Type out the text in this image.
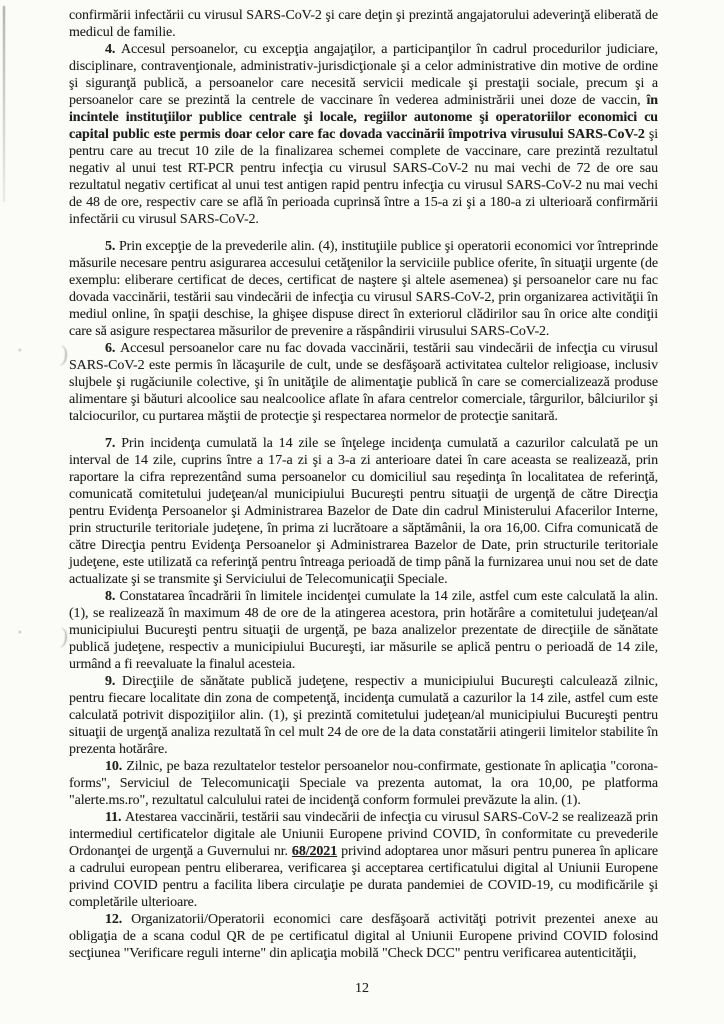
confirmării infectării cu virusul SARS-CoV-2 şi care deţin şi prezintă angajatorului adeverinţă eliberată de medicul de familie.

4. Accesul persoanelor, cu excepţia angajaţilor, a participanţilor în cadrul procedurilor judiciare, disciplinare, contravenţionale, administrativ-jurisdicţionale şi a celor administrative din motive de ordine şi siguranţă publică, a persoanelor care necesită servicii medicale şi prestaţii sociale, precum şi a persoanelor care se prezintă la centrele de vaccinare în vederea administrării unei doze de vaccin, în incintele instituţiilor publice centrale şi locale, regiilor autonome şi operatoriilor economici cu capital public este permis doar celor care fac dovada vaccinării împotriva virusului SARS-CoV-2 şi pentru care au trecut 10 zile de la finalizarea schemei complete de vaccinare, care prezintă rezultatul negativ al unui test RT-PCR pentru infecţia cu virusul SARS-CoV-2 nu mai vechi de 72 de ore sau rezultatul negativ certificat al unui test antigen rapid pentru infecţia cu virusul SARS-CoV-2 nu mai vechi de 48 de ore, respectiv care se află în perioada cuprinsă între a 15-a zi şi a 180-a zi ulterioară confirmării infectării cu virusul SARS-CoV-2.

5. Prin excepţie de la prevederile alin. (4), instituţiile publice şi operatorii economici vor întreprinde măsurile necesare pentru asigurarea accesului cetăţenilor la serviciile publice oferite, în situaţii urgente (de exemplu: eliberare certificat de deces, certificat de naştere şi altele asemenea) şi persoanelor care nu fac dovada vaccinării, testării sau vindecării de infecţia cu virusul SARS-CoV-2, prin organizarea activităţii în mediul online, în spaţii deschise, la ghişee dispuse direct în exteriorul clădirilor sau în orice alte condiţii care să asigure respectarea măsurilor de prevenire a răspândirii virusului SARS-CoV-2.

6. Accesul persoanelor care nu fac dovada vaccinării, testării sau vindecării de infecţia cu virusul SARS-CoV-2 este permis în lăcaşurile de cult, unde se desfăşoară activitatea cultelor religioase, inclusiv slujbele şi rugăciunile colective, şi în unităţile de alimentaţie publică în care se comercializează produse alimentare şi băuturi alcoolice sau nealcoolice aflate în afara centrelor comerciale, târgurilor, bâlciurilor şi talciocurilor, cu purtarea măştii de protecţie şi respectarea normelor de protecţie sanitară.

7. Prin incidenţa cumulată la 14 zile se înţelege incidenţa cumulată a cazurilor calculată pe un interval de 14 zile, cuprins între a 17-a zi şi a 3-a zi anterioare datei în care aceasta se realizează, prin raportare la cifra reprezentând suma persoanelor cu domiciliul sau reşedinţa în localitatea de referinţă, comunicată comitetului judeţean/al municipiului Bucureşti pentru situaţii de urgenţă de către Direcţia pentru Evidenţa Persoanelor şi Administrarea Bazelor de Date din cadrul Ministerului Afacerilor Interne, prin structurile teritoriale judeţene, în prima zi lucrătoare a săptămânii, la ora 16,00. Cifra comunicată de către Direcţia pentru Evidenţa Persoanelor şi Administrarea Bazelor de Date, prin structurile teritoriale judeţene, este utilizată ca referinţă pentru întreaga perioadă de timp până la furnizarea unui nou set de date actualizate şi se transmite şi Serviciului de Telecomunicaţii Speciale.

8. Constatarea încadrării în limitele incidenţei cumulate la 14 zile, astfel cum este calculată la alin. (1), se realizează în maximum 48 de ore de la atingerea acestora, prin hotărâre a comitetului judeţean/al municipiului Bucureşti pentru situaţii de urgenţă, pe baza analizelor prezentate de direcţiile de sănătate publică judeţene, respectiv a municipiului Bucureşti, iar măsurile se aplică pentru o perioadă de 14 zile, urmând a fi reevaluate la finalul acesteia.

9. Direcţiile de sănătate publică judeţene, respectiv a municipiului Bucureşti calculează zilnic, pentru fiecare localitate din zona de competenţă, incidenţa cumulată a cazurilor la 14 zile, astfel cum este calculată potrivit dispoziţiilor alin. (1), şi prezintă comitetului judeţean/al municipiului Bucureşti pentru situaţii de urgenţă analiza rezultată în cel mult 24 de ore de la data constatării atingerii limitelor stabilite în prezenta hotărâre.

10. Zilnic, pe baza rezultatelor testelor persoanelor nou-confirmate, gestionate în aplicaţia "corona-forms", Serviciul de Telecomunicaţii Speciale va prezenta automat, la ora 10,00, pe platforma "alerte.ms.ro", rezultatul calculului ratei de incidenţă conform formulei prevăzute la alin. (1).

11. Atestarea vaccinării, testării sau vindecării de infecţia cu virusul SARS-CoV-2 se realizează prin intermediul certificatelor digitale ale Uniunii Europene privind COVID, în conformitate cu prevederile Ordonanţei de urgenţă a Guvernului nr. 68/2021 privind adoptarea unor măsuri pentru punerea în aplicare a cadrului european pentru eliberarea, verificarea şi acceptarea certificatului digital al Uniunii Europene privind COVID pentru a facilita libera circulaţie pe durata pandemiei de COVID-19, cu modificările şi completările ulterioare.

12. Organizatorii/Operatorii economici care desfăşoară activităţi potrivit prezentei anexe au obligaţia de a scana codul QR de pe certificatul digital al Uniunii Europene privind COVID folosind secţiunea "Verificare reguli interne" din aplicaţia mobilă "Check DCC" pentru verificarea autenticităţii,

12
· )
· )
